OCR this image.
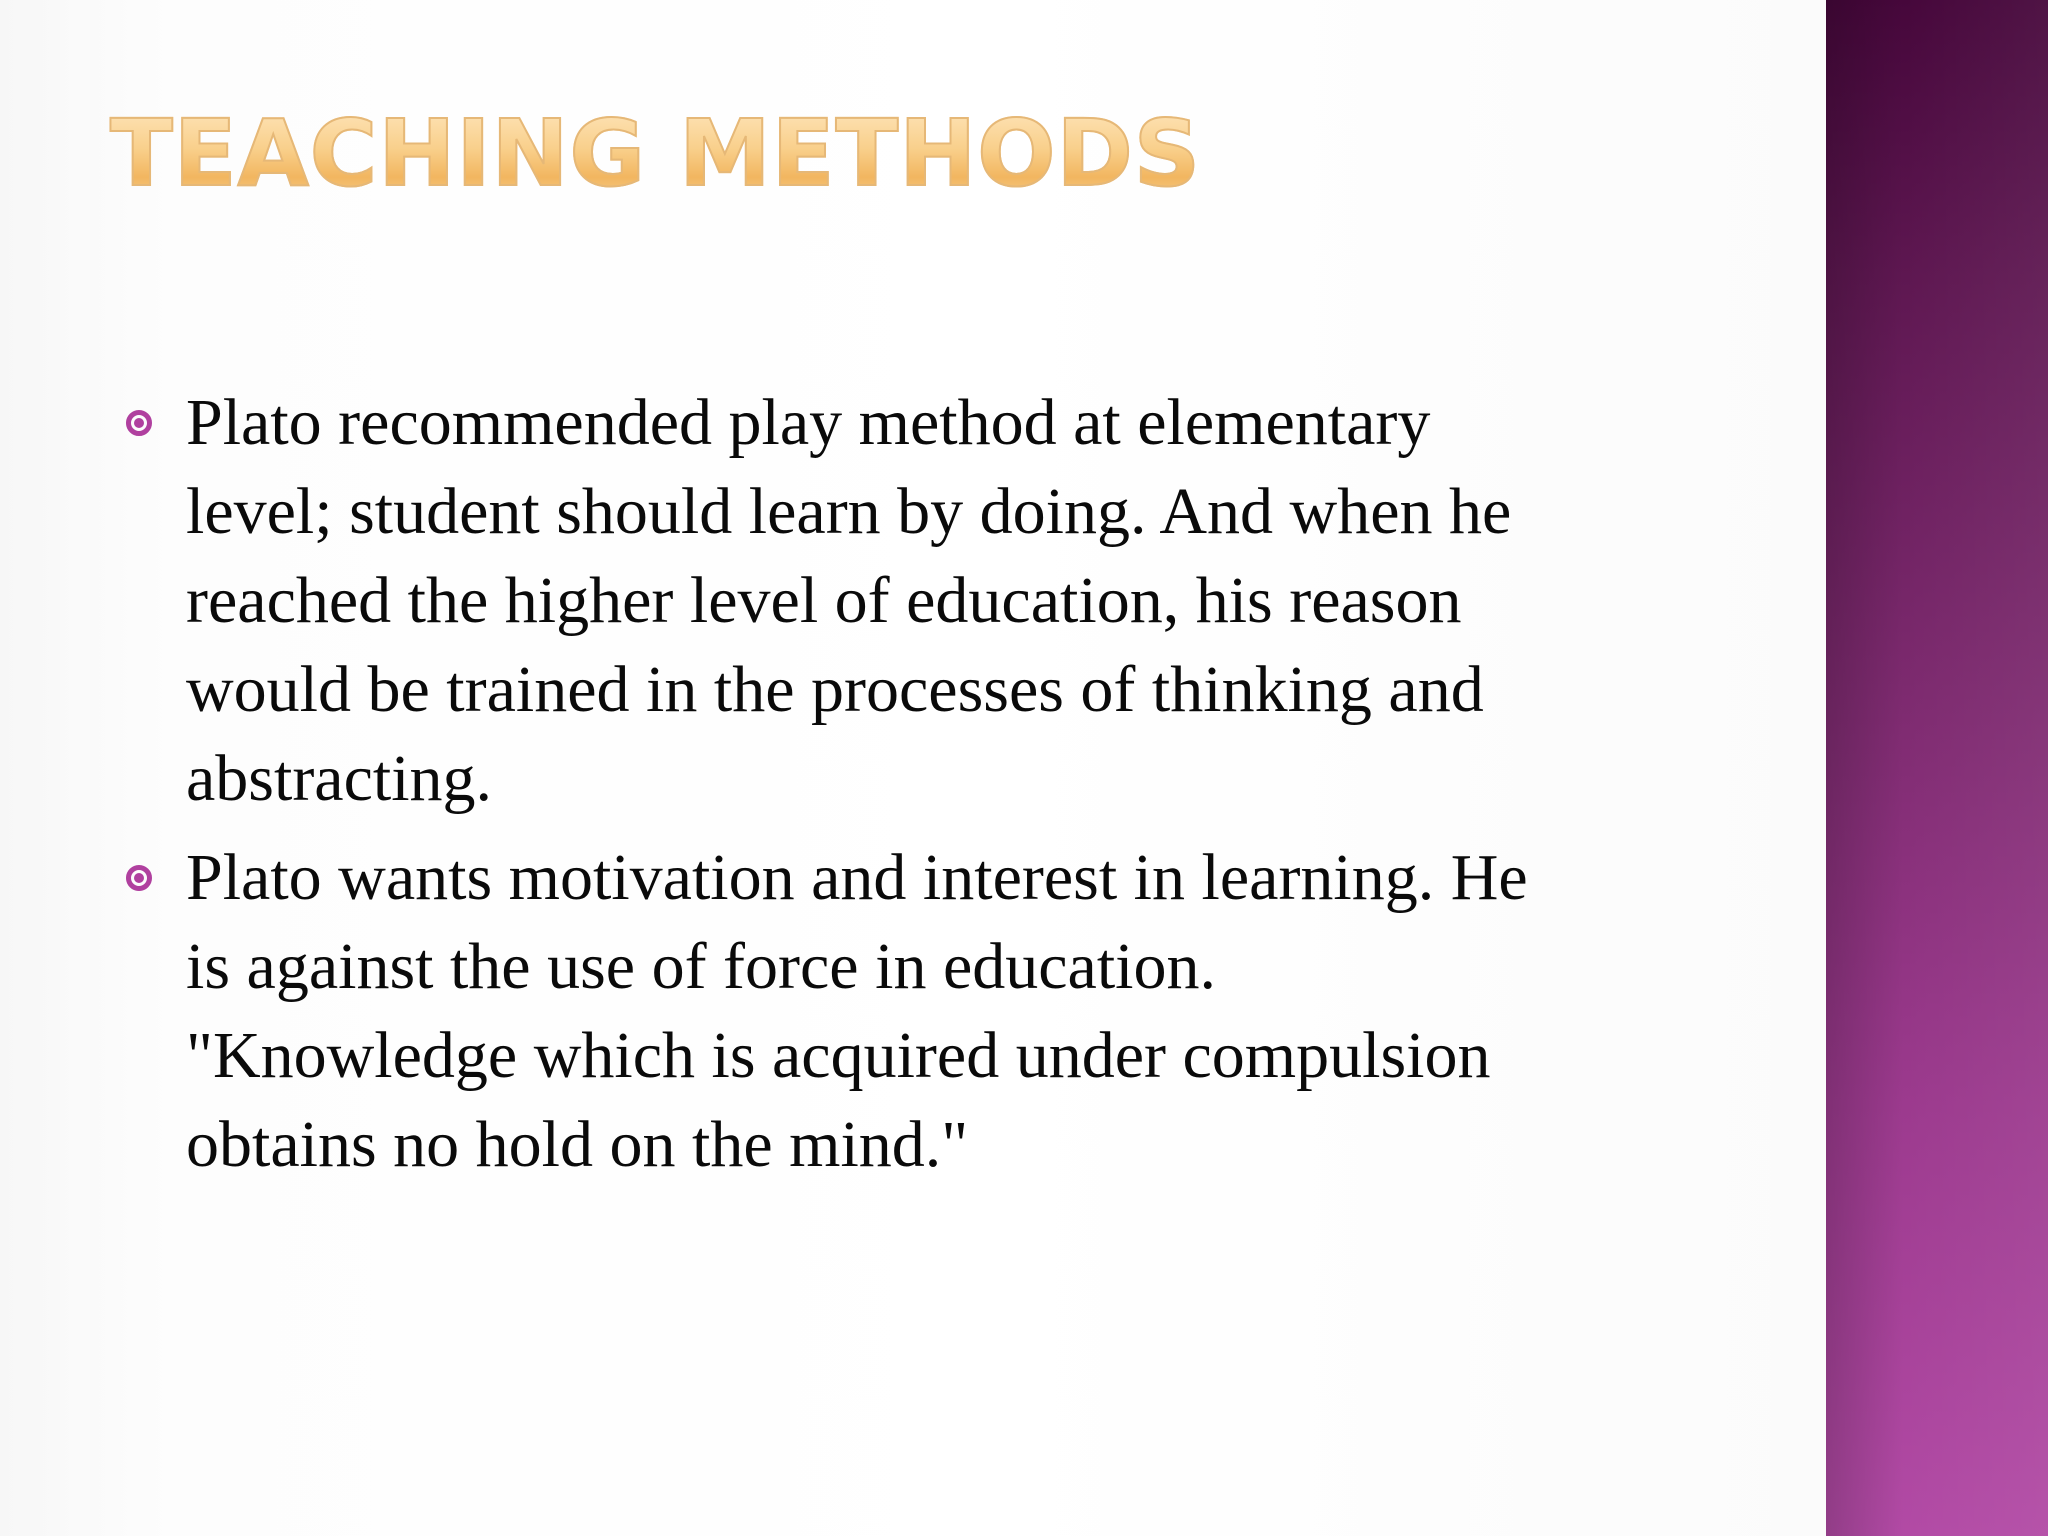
TEACHING METHODS
Plato recommended play method at elementary
level; student should learn by doing. And when he
reached the higher level of education, his reason
would be trained in the processes of thinking and
abstracting.
Plato wants motivation and interest in learning. He
is against the use of force in education.
"Knowledge which is acquired under compulsion
obtains no hold on the mind."
